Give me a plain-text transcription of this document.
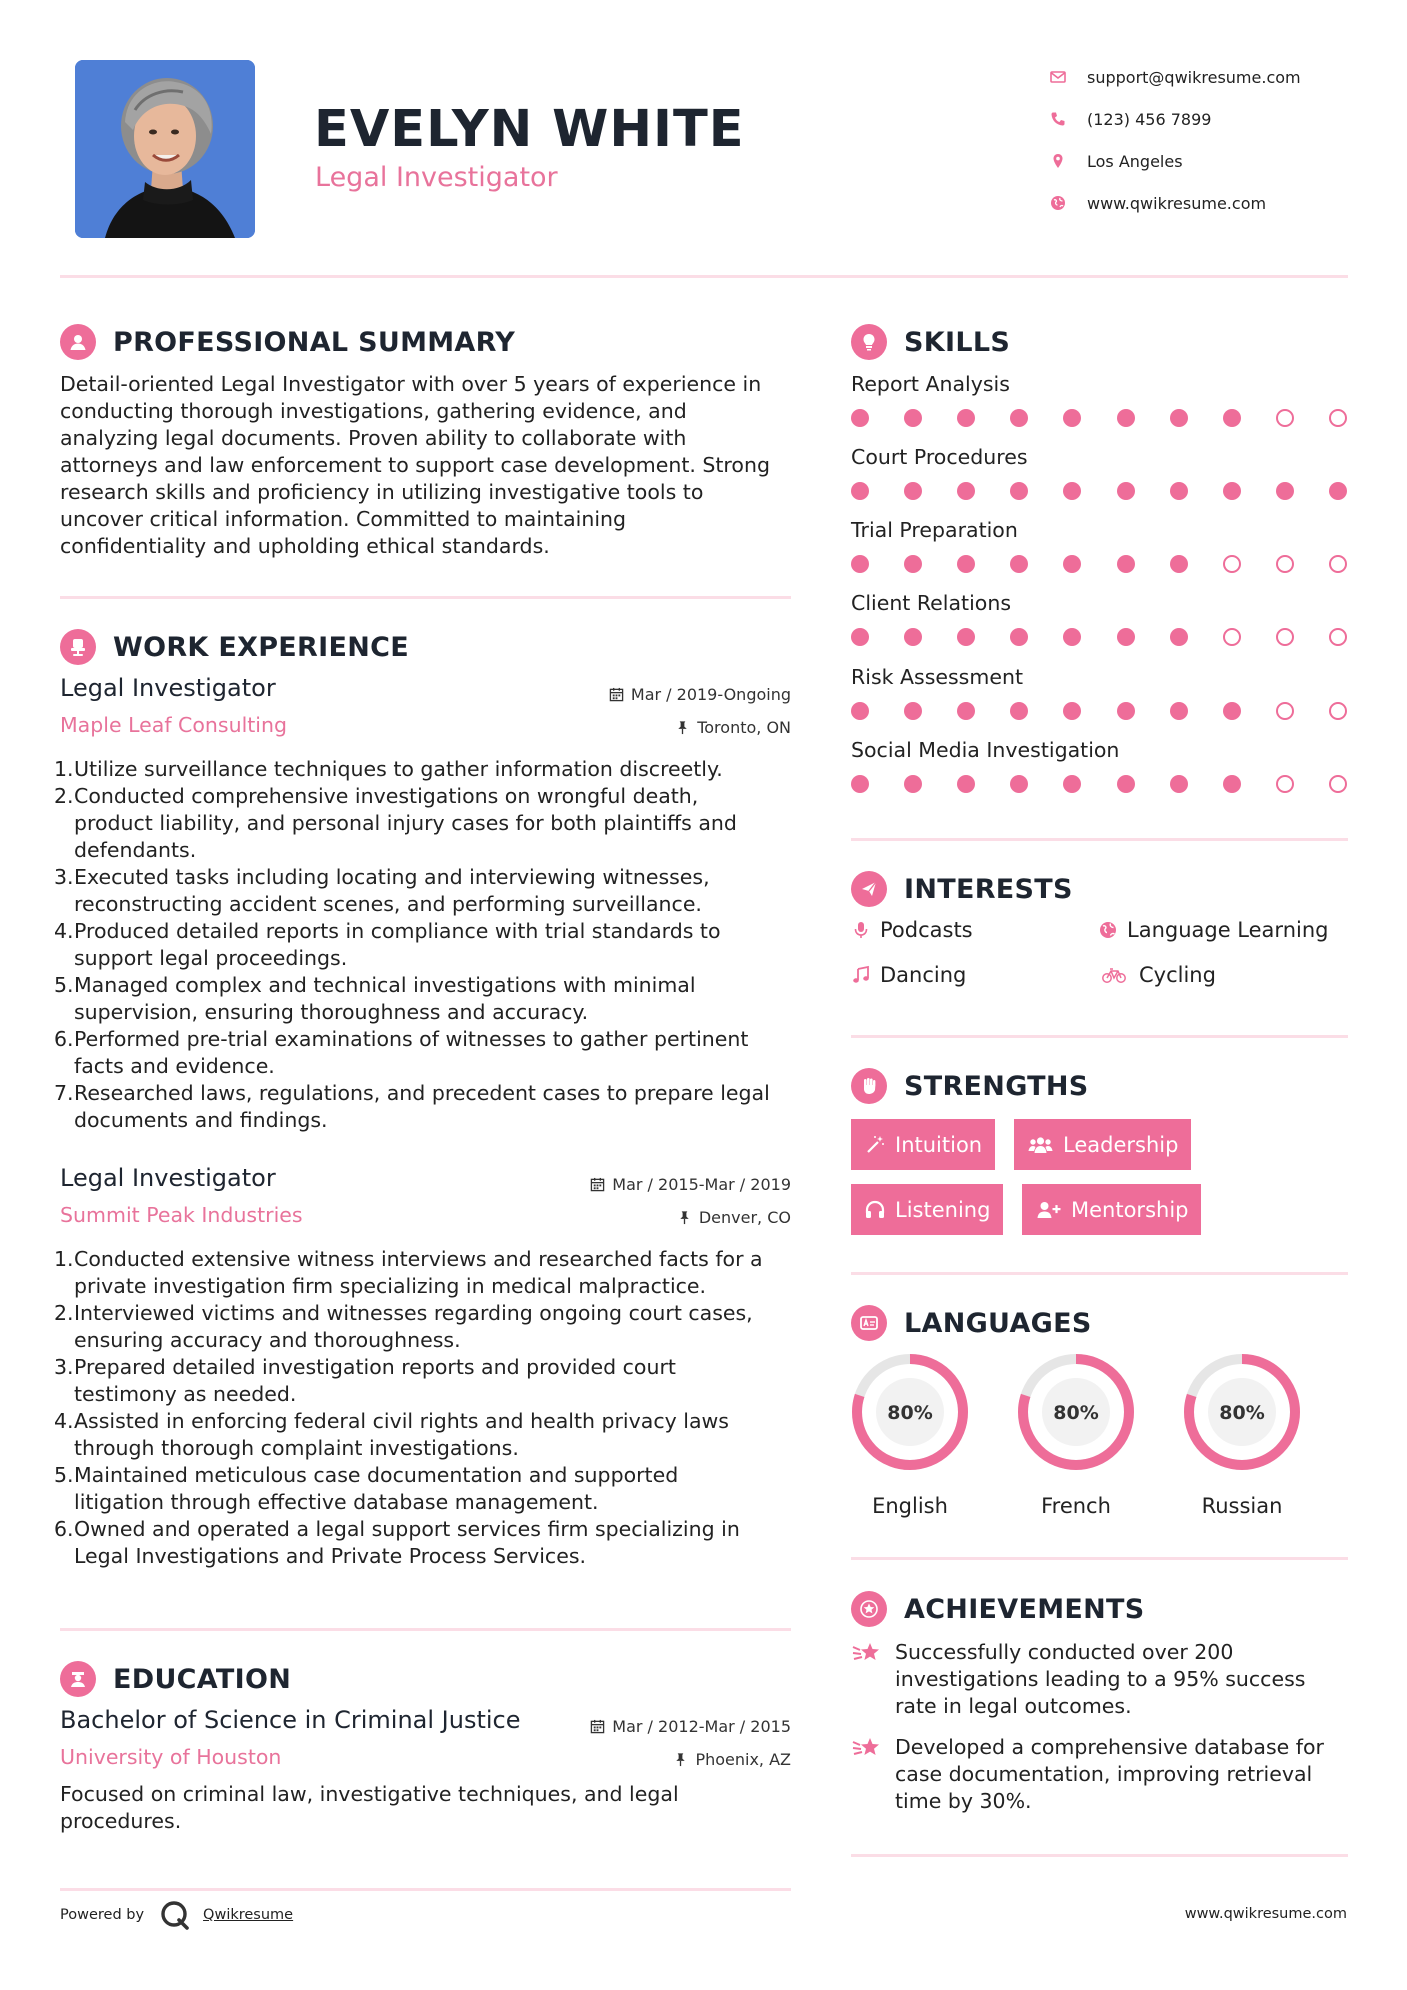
EVELYN WHITE
Legal Investigator
support@qwikresume.com
(123) 456 7899
Los Angeles
www.qwikresume.com
PROFESSIONAL SUMMARY
Detail-oriented Legal Investigator with over 5 years of experience in
conducting thorough investigations, gathering evidence, and
analyzing legal documents. Proven ability to collaborate with
attorneys and law enforcement to support case development. Strong
research skills and proficiency in utilizing investigative tools to
uncover critical information. Committed to maintaining
confidentiality and upholding ethical standards.
WORK EXPERIENCE
Legal Investigator
Maple Leaf Consulting
Mar / 2019-Ongoing
Toronto, ON
1. Utilize surveillance techniques to gather information discreetly.
2. Conducted comprehensive investigations on wrongful death,
product liability, and personal injury cases for both plaintiffs and
defendants.
3. Executed tasks including locating and interviewing witnesses,
reconstructing accident scenes, and performing surveillance.
4. Produced detailed reports in compliance with trial standards to
support legal proceedings.
5. Managed complex and technical investigations with minimal
supervision, ensuring thoroughness and accuracy.
6. Performed pre-trial examinations of witnesses to gather pertinent
facts and evidence.
7. Researched laws, regulations, and precedent cases to prepare legal
documents and findings.
Legal Investigator
Summit Peak Industries
Mar / 2015-Mar / 2019
Denver, CO
1. Conducted extensive witness interviews and researched facts for a
private investigation firm specializing in medical malpractice.
2. Interviewed victims and witnesses regarding ongoing court cases,
ensuring accuracy and thoroughness.
3. Prepared detailed investigation reports and provided court
testimony as needed.
4. Assisted in enforcing federal civil rights and health privacy laws
through thorough complaint investigations.
5. Maintained meticulous case documentation and supported
litigation through effective database management.
6. Owned and operated a legal support services firm specializing in
Legal Investigations and Private Process Services.
EDUCATION
Bachelor of Science in Criminal Justice
University of Houston
Mar / 2012-Mar / 2015
Phoenix, AZ
Focused on criminal law, investigative techniques, and legal
procedures.
SKILLS
Report Analysis
Court Procedures
Trial Preparation
Client Relations
Risk Assessment
Social Media Investigation
INTERESTS
Podcasts	Language Learning
Dancing	Cycling
STRENGTHS
Intuition	Leadership
Listening	Mentorship
LANGUAGES
80%
English
80%
French
80%
Russian
ACHIEVEMENTS
Successfully conducted over 200
investigations leading to a 95% success
rate in legal outcomes.
Developed a comprehensive database for
case documentation, improving retrieval
time by 30%.
Powered by	Qwikresume	www.qwikresume.com
